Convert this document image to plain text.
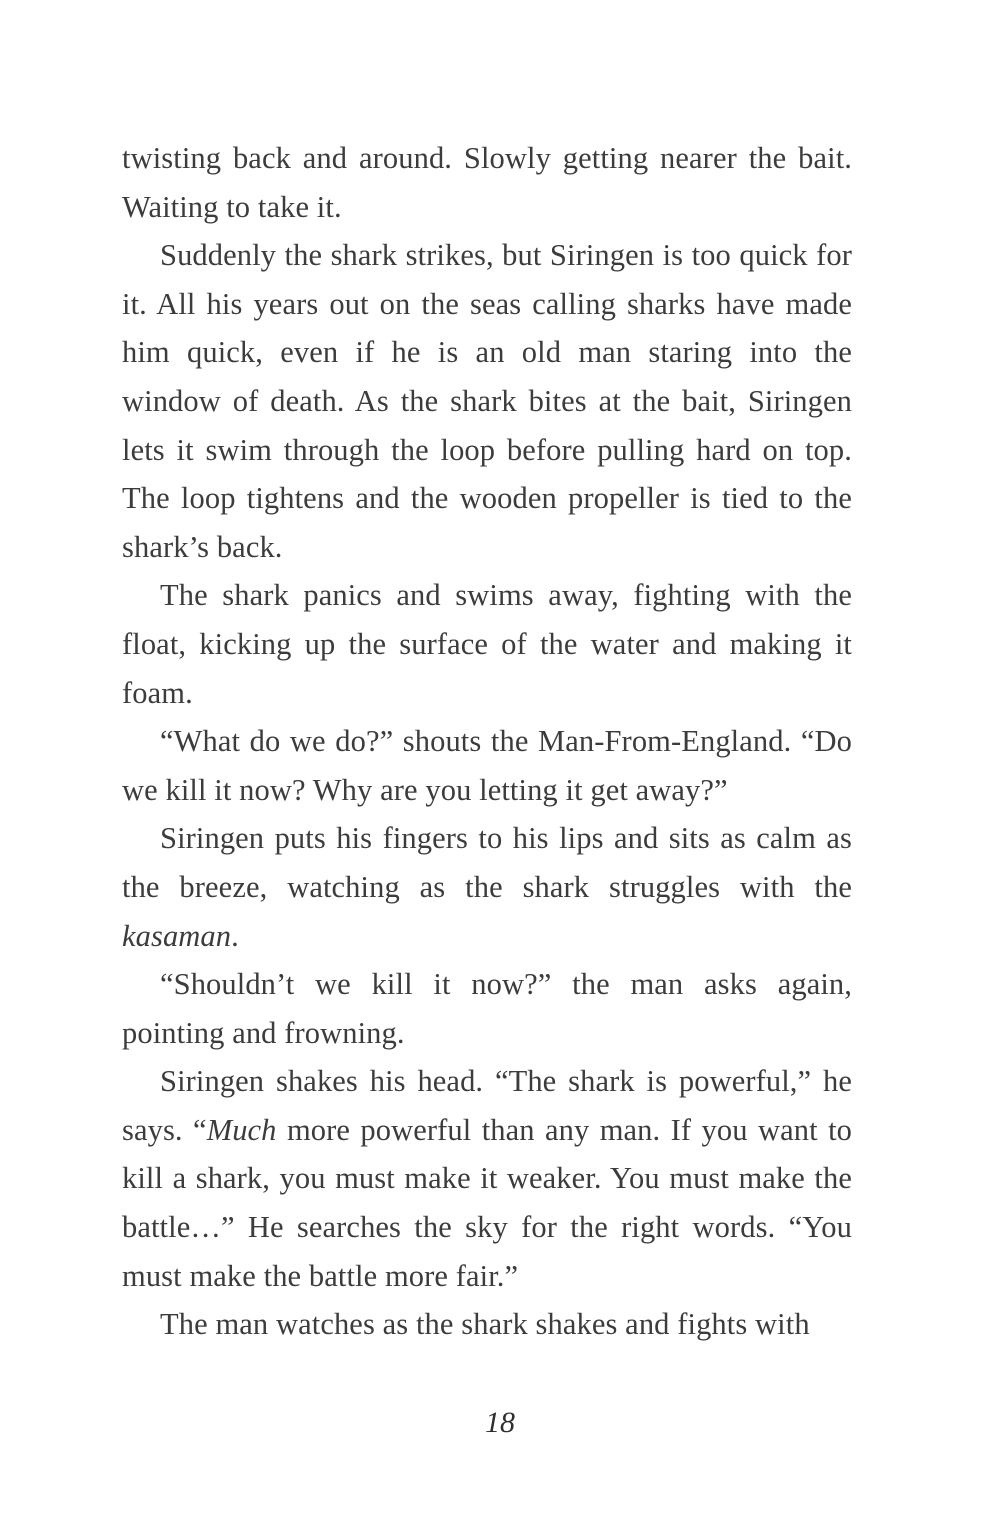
twisting back and around. Slowly getting nearer the bait. Waiting to take it.

Suddenly the shark strikes, but Siringen is too quick for it. All his years out on the seas calling sharks have made him quick, even if he is an old man staring into the window of death. As the shark bites at the bait, Siringen lets it swim through the loop before pulling hard on top. The loop tightens and the wooden propeller is tied to the shark’s back.

The shark panics and swims away, fighting with the float, kicking up the surface of the water and making it foam.

“What do we do?” shouts the Man-From-England. “Do we kill it now? Why are you letting it get away?”

Siringen puts his fingers to his lips and sits as calm as the breeze, watching as the shark struggles with the kasaman.

“Shouldn’t we kill it now?” the man asks again, pointing and frowning.

Siringen shakes his head. “The shark is powerful,” he says. “Much more powerful than any man. If you want to kill a shark, you must make it weaker. You must make the battle…” He searches the sky for the right words. “You must make the battle more fair.”

The man watches as the shark shakes and fights with

18
